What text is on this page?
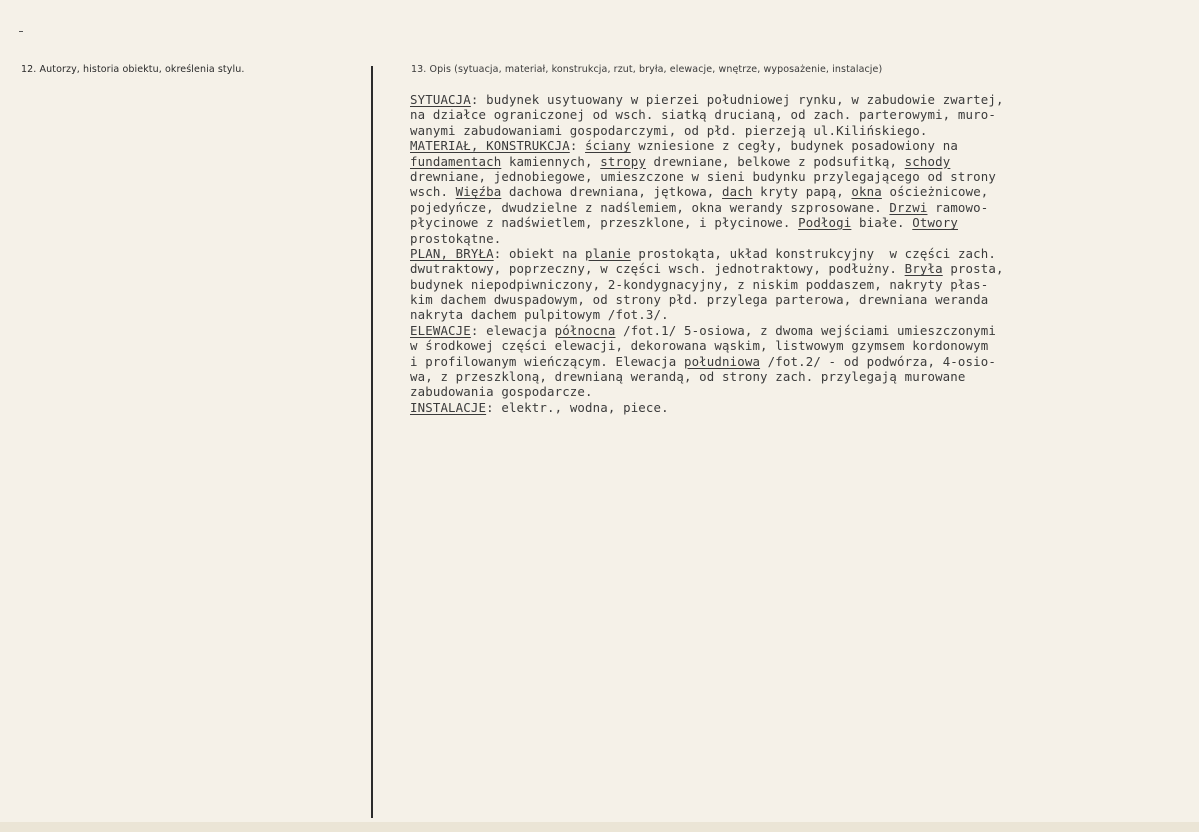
12. Autorzy, historia obiektu, określenia stylu.	13. Opis (sytuacja, materiał, konstrukcja, rzut, bryła, elewacje, wnętrze, wyposażenie, instalacje)
SYTUACJA: budynek usytuowany w pierzei południowej rynku, w zabudowie zwartej,
na działce ograniczonej od wsch. siatką drucianą, od zach. parterowymi, muro-
wanymi zabudowaniami gospodarczymi, od płd. pierzeją ul.Kilińskiego.
MATERIAŁ, KONSTRUKCJA: ściany wzniesione z cegły, budynek posadowiony na
fundamentach kamiennych, stropy drewniane, belkowe z podsufitką, schody
drewniane, jednobiegowe, umieszczone w sieni budynku przylegającego od strony
wsch. Więźba dachowa drewniana, jętkowa, dach kryty papą, okna ościeżnicowe,
pojedyńcze, dwudzielne z nadślemiem, okna werandy szprosowane. Drzwi ramowo-
płycinowe z nadświetlem, przeszklone, i płycinowe. Podłogi białe. Otwory
prostokątne.
PLAN, BRYŁA: obiekt na planie prostokąta, układ konstrukcyjny  w części zach.
dwutraktowy, poprzeczny, w części wsch. jednotraktowy, podłużny. Bryła prosta,
budynek niepodpiwniczony, 2-kondygnacyjny, z niskim poddaszem, nakryty płas-
kim dachem dwuspadowym, od strony płd. przylega parterowa, drewniana weranda
nakryta dachem pulpitowym /fot.3/.
ELEWACJE: elewacja północna /fot.1/ 5-osiowa, z dwoma wejściami umieszczonymi
w środkowej części elewacji, dekorowana wąskim, listwowym gzymsem kordonowym
i profilowanym wieńczącym. Elewacja południowa /fot.2/ - od podwórza, 4-osio-
wa, z przeszkloną, drewnianą werandą, od strony zach. przylegają murowane
zabudowania gospodarcze.
INSTALACJE: elektr., wodna, piece.
